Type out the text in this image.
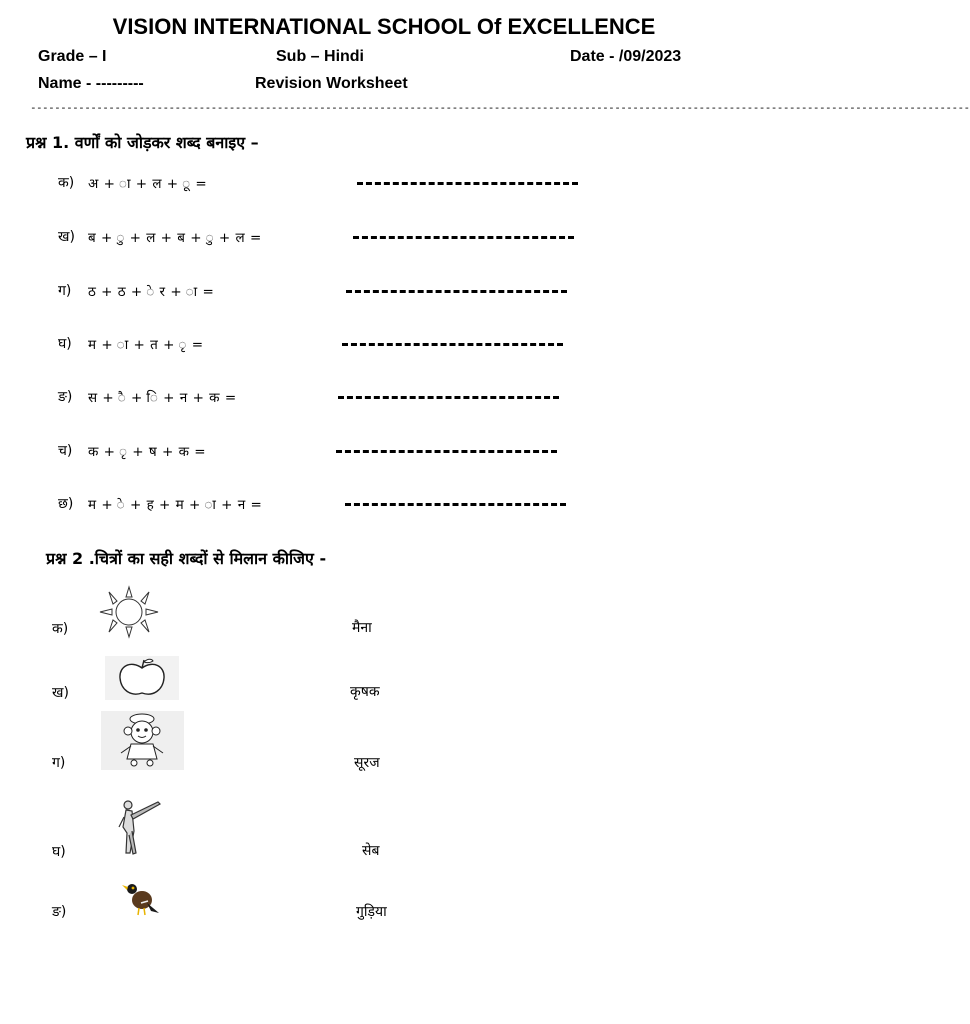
VISION INTERNATIONAL SCHOOL Of EXCELLENCE
Grade – I	Sub – Hindi	Date - /09/2023
Name - ---------	Revision Worksheet
------------------------------------------------------------------------------------------------------------------------------------------------------------
प्रश्न 1. वर्णों को जोड़कर शब्द बनाइए –
क) अ + ा + ल + ू =
ख) ब + ु + ल + ब + ु + ल =
ग) ठ + ठ + े र + ा =
घ) म + ा + त + ृ =
ङ) स + ै + ि + न + क =
च) क + ृ + ष + क =
छ) म + े + ह + म + ा + न =
प्रश्न 2 .चित्रों का सही शब्दों से मिलान कीजिए -
क)	मैना
ख)	कृषक
ग)	सूरज
घ)	सेब
ङ)	गुड़िया
